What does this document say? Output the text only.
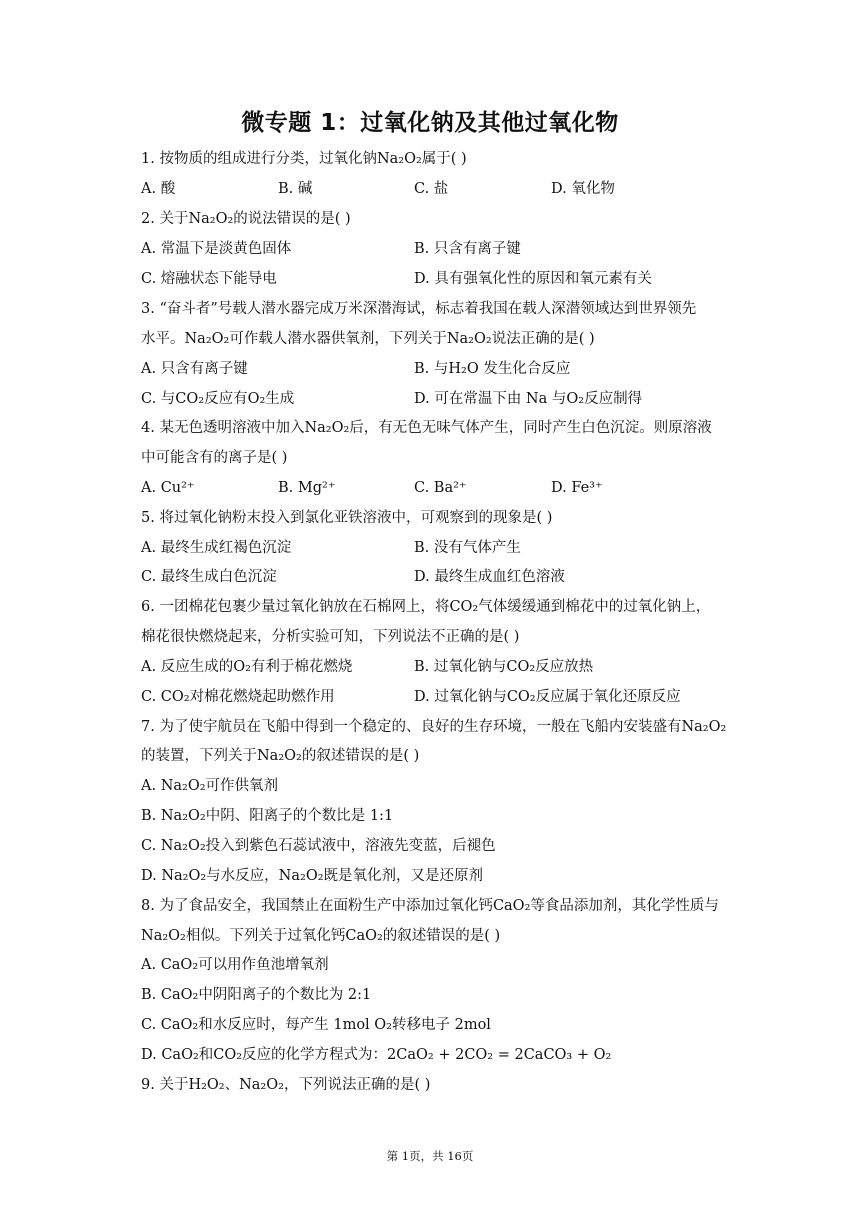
微专题 1：过氧化钠及其他过氧化物
1. 按物质的组成进行分类，过氧化钠Na₂O₂属于( )
A. 酸	B. 碱	C. 盐	D. 氧化物
2. 关于Na₂O₂的说法错误的是( )
A. 常温下是淡黄色固体	B. 只含有离子键
C. 熔融状态下能导电	D. 具有强氧化性的原因和氧元素有关
3. “奋斗者”号载人潜水器完成万米深潜海试，标志着我国在载人深潜领域达到世界领先
水平。Na₂O₂可作载人潜水器供氧剂，下列关于Na₂O₂说法正确的是( )
A. 只含有离子键	B. 与H₂O 发生化合反应
C. 与CO₂反应有O₂生成	D. 可在常温下由 Na 与O₂反应制得
4. 某无色透明溶液中加入Na₂O₂后，有无色无味气体产生，同时产生白色沉淀。则原溶液
中可能含有的离子是( )
A. Cu²⁺	B. Mg²⁺	C. Ba²⁺	D. Fe³⁺
5. 将过氧化钠粉末投入到氯化亚铁溶液中，可观察到的现象是( )
A. 最终生成红褐色沉淀	B. 没有气体产生
C. 最终生成白色沉淀	D. 最终生成血红色溶液
6. 一团棉花包裹少量过氧化钠放在石棉网上，将CO₂气体缓缓通到棉花中的过氧化钠上，
棉花很快燃烧起来，分析实验可知，下列说法不正确的是( )
A. 反应生成的O₂有利于棉花燃烧	B. 过氧化钠与CO₂反应放热
C. CO₂对棉花燃烧起助燃作用	D. 过氧化钠与CO₂反应属于氧化还原反应
7. 为了使宇航员在飞船中得到一个稳定的、良好的生存环境，一般在飞船内安装盛有Na₂O₂
的装置，下列关于Na₂O₂的叙述错误的是( )
A. Na₂O₂可作供氧剂
B. Na₂O₂中阴、阳离子的个数比是 1:1
C. Na₂O₂投入到紫色石蕊试液中，溶液先变蓝，后褪色
D. Na₂O₂与水反应，Na₂O₂既是氧化剂，又是还原剂
8. 为了食品安全，我国禁止在面粉生产中添加过氧化钙CaO₂等食品添加剂，其化学性质与
Na₂O₂相似。下列关于过氧化钙CaO₂的叙述错误的是( )
A. CaO₂可以用作鱼池增氧剂
B. CaO₂中阴阳离子的个数比为 2:1
C. CaO₂和水反应时，每产生 1mol O₂转移电子 2mol
D. CaO₂和CO₂反应的化学方程式为：2CaO₂ + 2CO₂ = 2CaCO₃ + O₂
9. 关于H₂O₂、Na₂O₂，下列说法正确的是( )
第 1页，共 16页
